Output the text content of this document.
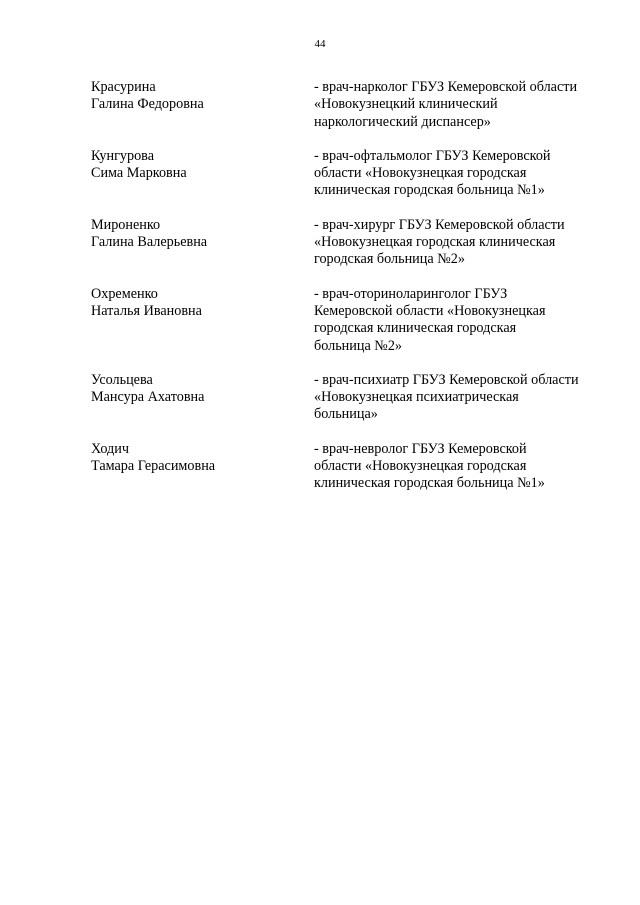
44
Красурина
Галина Федоровна
- врач-нарколог ГБУЗ Кемеровской области
«Новокузнецкий клинический
наркологический диспансер»
Кунгурова
Сима Марковна
- врач-офтальмолог ГБУЗ Кемеровской
области «Новокузнецкая городская
клиническая городская больница №1»
Мироненко
Галина Валерьевна
- врач-хирург ГБУЗ Кемеровской области
«Новокузнецкая городская клиническая
городская больница №2»
Охременко
Наталья Ивановна
- врач-оториноларинголог ГБУЗ
Кемеровской области «Новокузнецкая
городская клиническая городская
больница №2»
Усольцева
Мансура Ахатовна
- врач-психиатр ГБУЗ Кемеровской области
«Новокузнецкая психиатрическая
больница»
Ходич
Тамара Герасимовна
- врач-невролог ГБУЗ Кемеровской
области «Новокузнецкая городская
клиническая городская больница №1»
